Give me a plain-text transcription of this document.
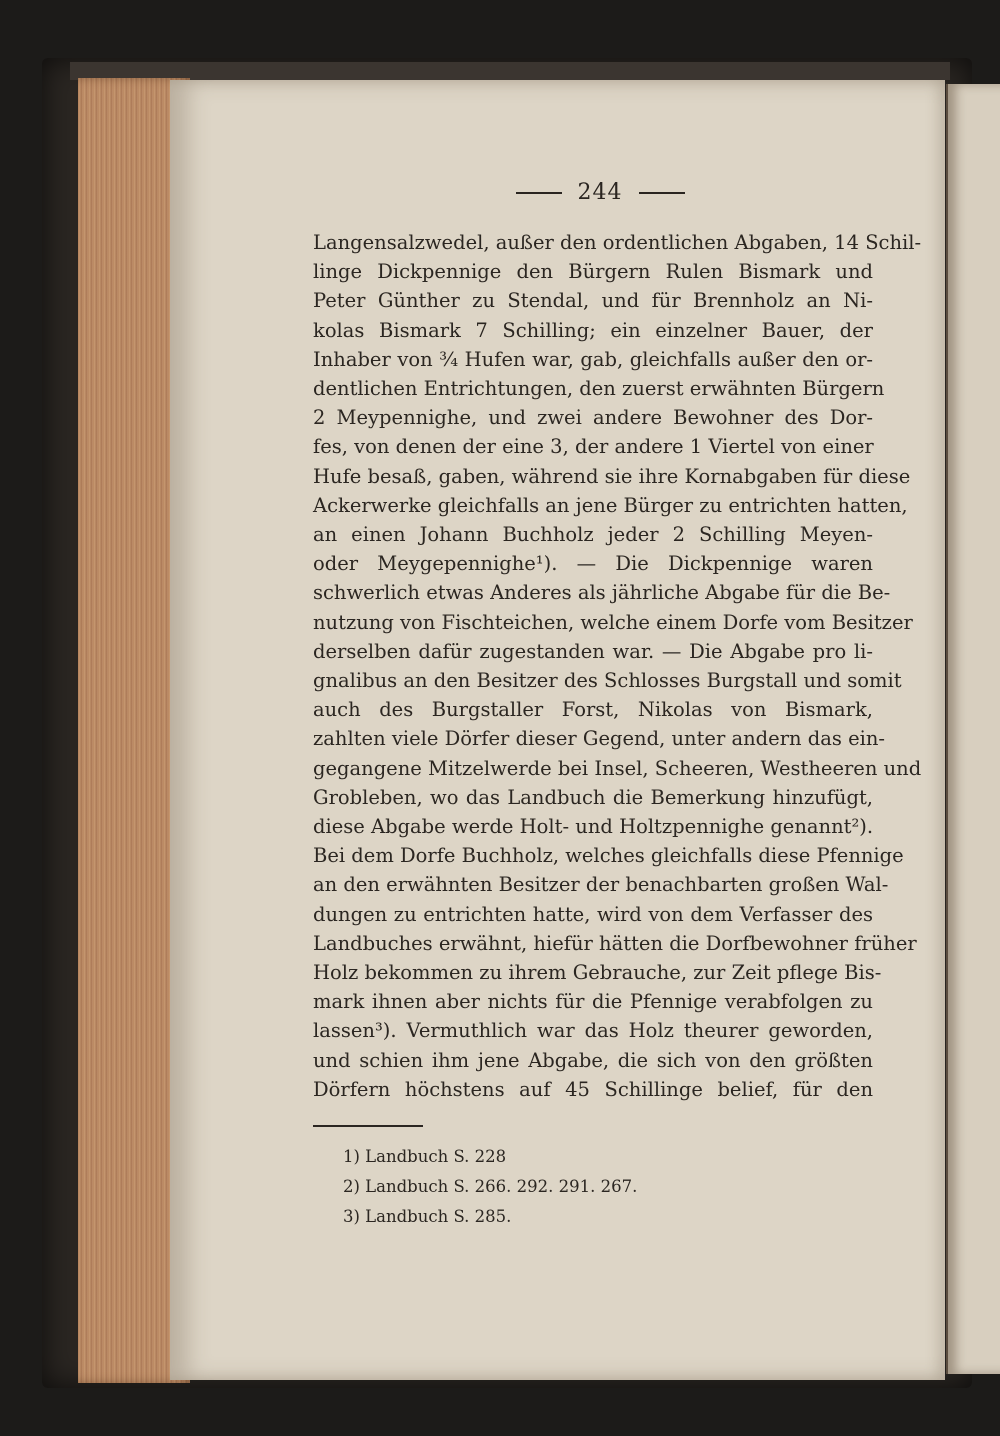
244
Langensalzwedel, außer den ordentlichen Abgaben, 14 Schil-
linge Dickpennige den Bürgern Rulen Bismark und
Peter Günther zu Stendal, und für Brennholz an Ni-
kolas Bismark 7 Schilling; ein einzelner Bauer, der
Inhaber von ¾ Hufen war, gab, gleichfalls außer den or-
dentlichen Entrichtungen, den zuerst erwähnten Bürgern
2 Meypennighe, und zwei andere Bewohner des Dor-
fes, von denen der eine 3, der andere 1 Viertel von einer
Hufe besaß, gaben, während sie ihre Kornabgaben für diese
Ackerwerke gleichfalls an jene Bürger zu entrichten hatten,
an einen Johann Buchholz jeder 2 Schilling Meyen-
oder Meygepennighe¹). — Die Dickpennige waren
schwerlich etwas Anderes als jährliche Abgabe für die Be-
nutzung von Fischteichen, welche einem Dorfe vom Besitzer
derselben dafür zugestanden war. — Die Abgabe pro li-
gnalibus an den Besitzer des Schlosses Burgstall und somit
auch des Burgstaller Forst, Nikolas von Bismark,
zahlten viele Dörfer dieser Gegend, unter andern das ein-
gegangene Mitzelwerde bei Insel, Scheeren, Westheeren und
Grobleben, wo das Landbuch die Bemerkung hinzufügt,
diese Abgabe werde Holt- und Holtzpennighe genannt²).
Bei dem Dorfe Buchholz, welches gleichfalls diese Pfennige
an den erwähnten Besitzer der benachbarten großen Wal-
dungen zu entrichten hatte, wird von dem Verfasser des
Landbuches erwähnt, hiefür hätten die Dorfbewohner früher
Holz bekommen zu ihrem Gebrauche, zur Zeit pflege Bis-
mark ihnen aber nichts für die Pfennige verabfolgen zu
lassen³). Vermuthlich war das Holz theurer geworden,
und schien ihm jene Abgabe, die sich von den größten
Dörfern höchstens auf 45 Schillinge belief, für den
1) Landbuch S. 228
2) Landbuch S. 266. 292. 291. 267.
3) Landbuch S. 285.
